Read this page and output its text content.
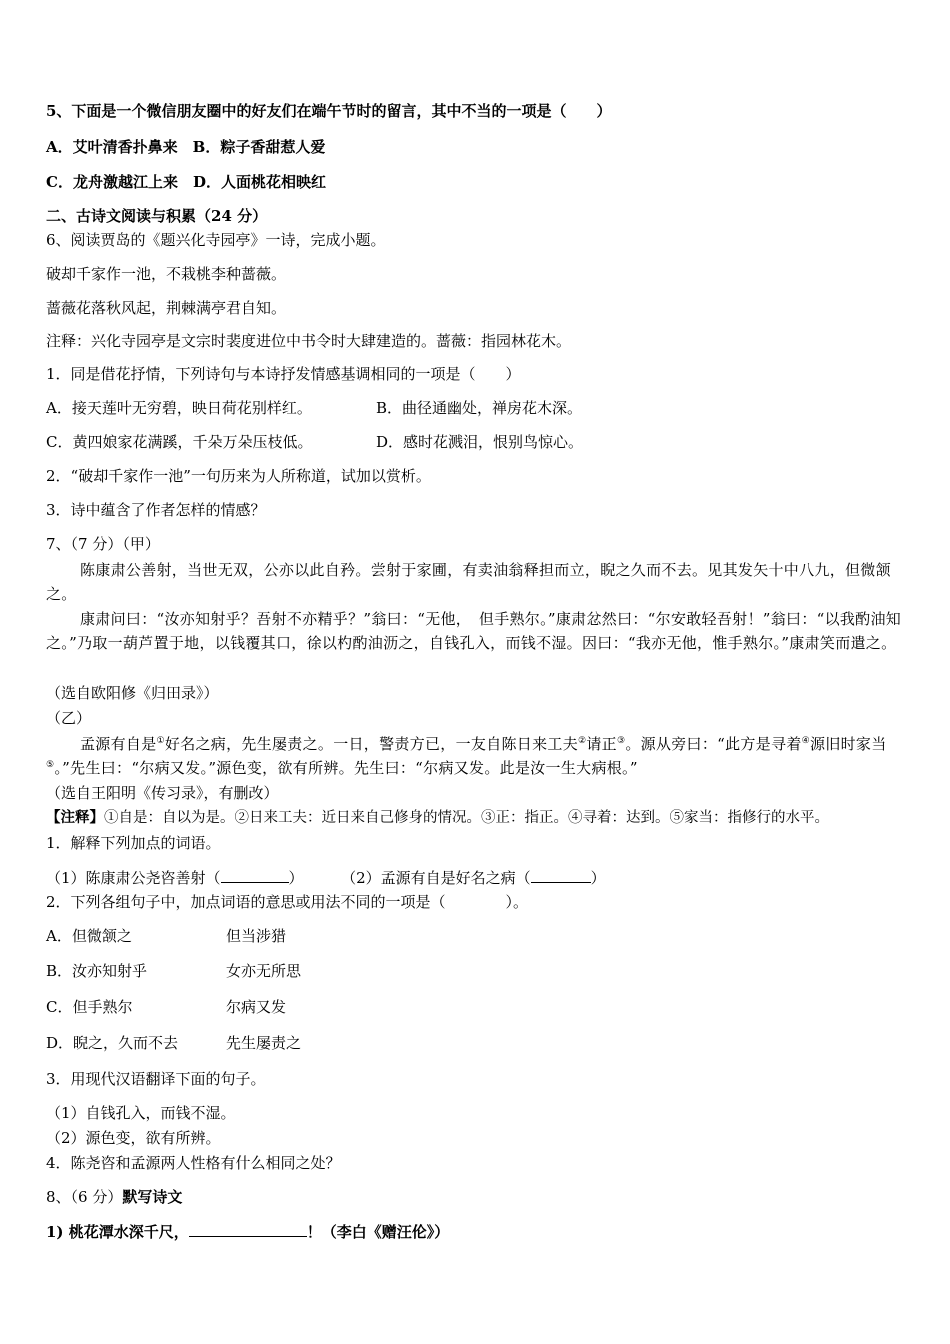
5、下面是一个微信朋友圈中的好友们在端午节时的留言，其中不当的一项是（　　）
A．艾叶清香扑鼻来　B．粽子香甜惹人爱
C．龙舟激越江上来　D．人面桃花相映红
二、古诗文阅读与积累（24 分）
6、阅读贾岛的《题兴化寺园亭》一诗，完成小题。
破却千家作一池，不栽桃李种蔷薇。
蔷薇花落秋风起，荆棘满亭君自知。
注释：兴化寺园亭是文宗时裴度进位中书令时大肆建造的。蔷薇：指园林花木。
1．同是借花抒情，下列诗句与本诗抒发情感基调相同的一项是（　　）
A．接天莲叶无穷碧，映日荷花别样红。	B．曲径通幽处，禅房花木深。
C．黄四娘家花满蹊，千朵万朵压枝低。	D．感时花溅泪，恨别鸟惊心。
2．“破却千家作一池”一句历来为人所称道，试加以赏析。
3．诗中蕴含了作者怎样的情感？
7、（7 分）（甲）
陈康肃公善射，当世无双，公亦以此自矜。尝射于家圃，有卖油翁释担而立，睨之久而不去。见其发矢十中八九，但微颔之。
康肃问曰：“汝亦知射乎？吾射不亦精乎？”翁曰：“无他，　但手熟尔。”康肃忿然曰：“尔安敢轻吾射！”翁曰：“以我酌油知之。”乃取一葫芦置于地，以钱覆其口，徐以杓酌油沥之，自钱孔入，而钱不湿。因曰：“我亦无他，惟手熟尔。”康肃笑而遣之。
（选自欧阳修《归田录》）
（乙）
孟源有自是①好名之病，先生屡责之。一日，警责方已，一友自陈日来工夫②请正③。源从旁曰：“此方是寻着④源旧时家当⑤。”先生曰：“尔病又发。”源色变，欲有所辨。先生曰：“尔病又发。此是汝一生大病根。”
（选自王阳明《传习录》，有删改）
【注释】①自是：自以为是。②日来工夫：近日来自己修身的情况。③正：指正。④寻着：达到。⑤家当：指修行的水平。
1．解释下列加点的词语。
（1）陈康肃公尧咨善射（	）	（2）孟源有自是好名之病（	）
2．下列各组句子中，加点词语的意思或用法不同的一项是（　　　　）。
A．但微颔之	但当涉猎
B．汝亦知射乎	女亦无所思
C．但手熟尔	尔病又发
D．睨之，久而不去	先生屡责之
3．用现代汉语翻译下面的句子。
（1）自钱孔入，而钱不湿。
（2）源色变，欲有所辨。
4．陈尧咨和孟源两人性格有什么相同之处？
8、（6 分）默写诗文
1) 桃花潭水深千尺，	！（李白《赠汪伦》）
